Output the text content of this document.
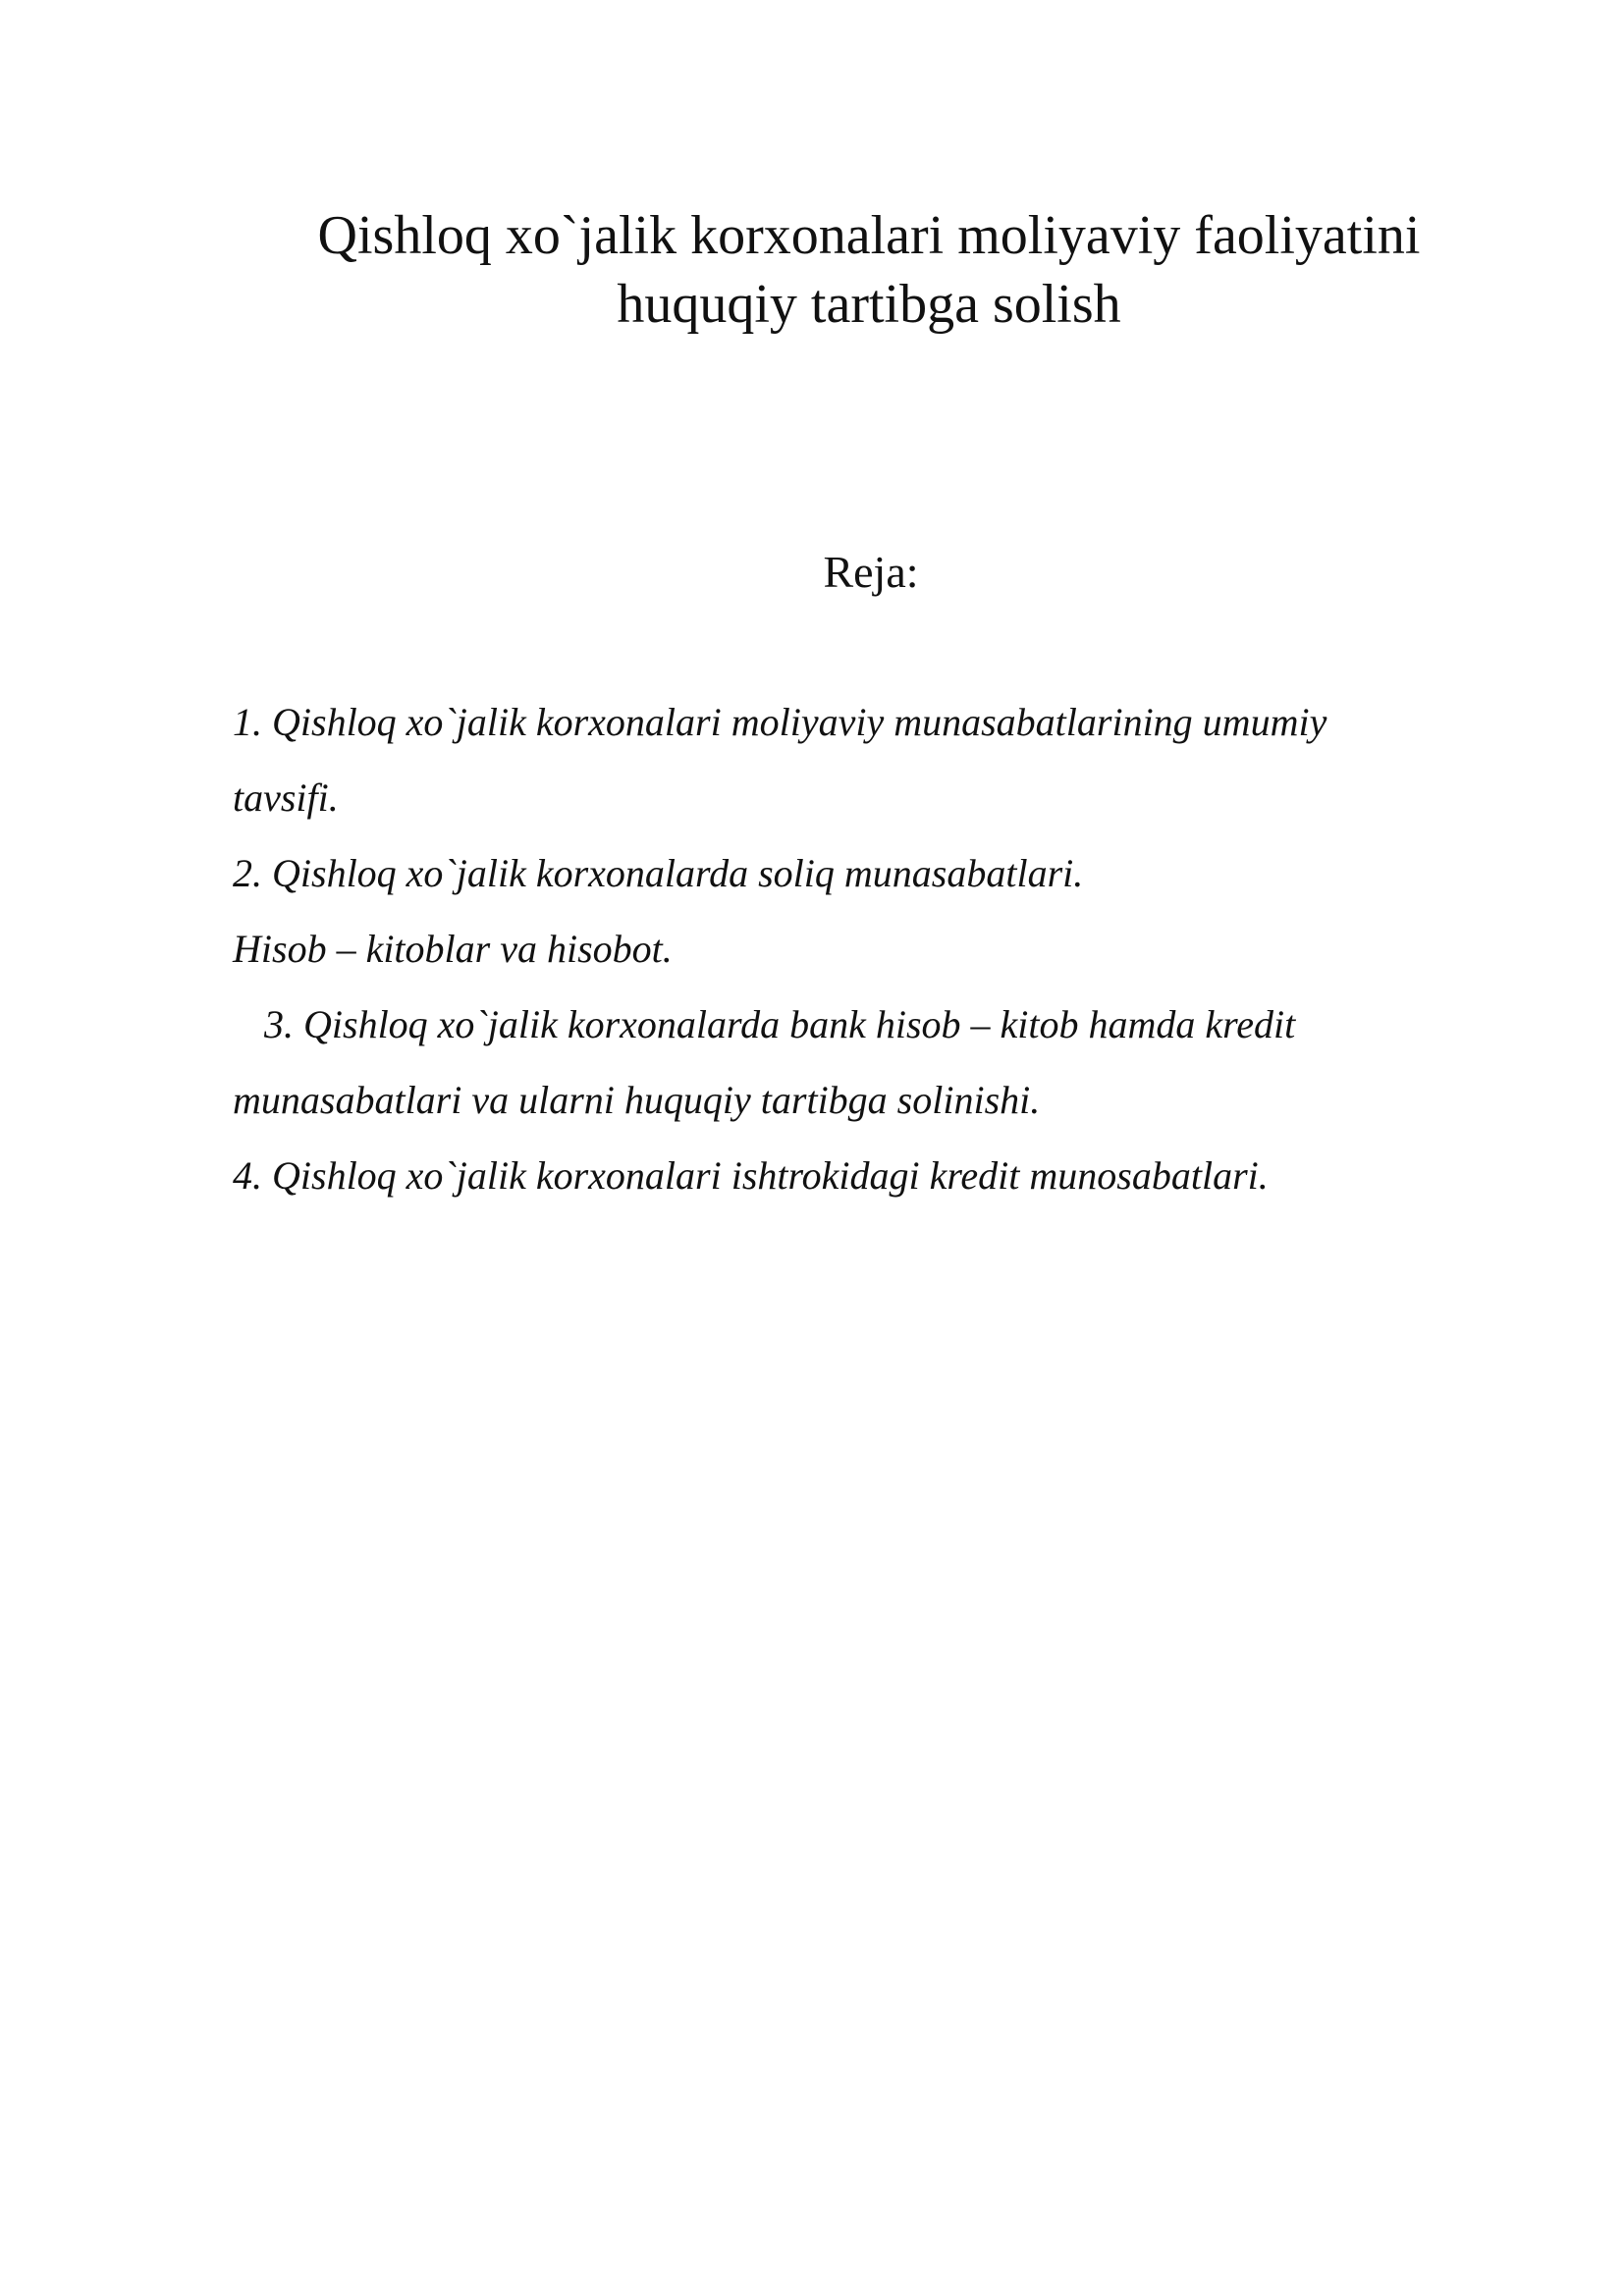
Qishloq xo`jalik korxonalari moliyaviy faoliyatini
huquqiy tartibga solish
Reja:
1. Qishloq xo`jalik korxonalari moliyaviy munasabatlarining umumiy
tavsifi.
2. Qishloq xo`jalik korxonalarda soliq munasabatlari.
Hisob – kitoblar va hisobot.
3. Qishloq xo`jalik korxonalarda bank hisob – kitob hamda kredit
munasabatlari va ularni huquqiy tartibga solinishi.
4. Qishloq xo`jalik korxonalari ishtrokidagi kredit munosabatlari.
